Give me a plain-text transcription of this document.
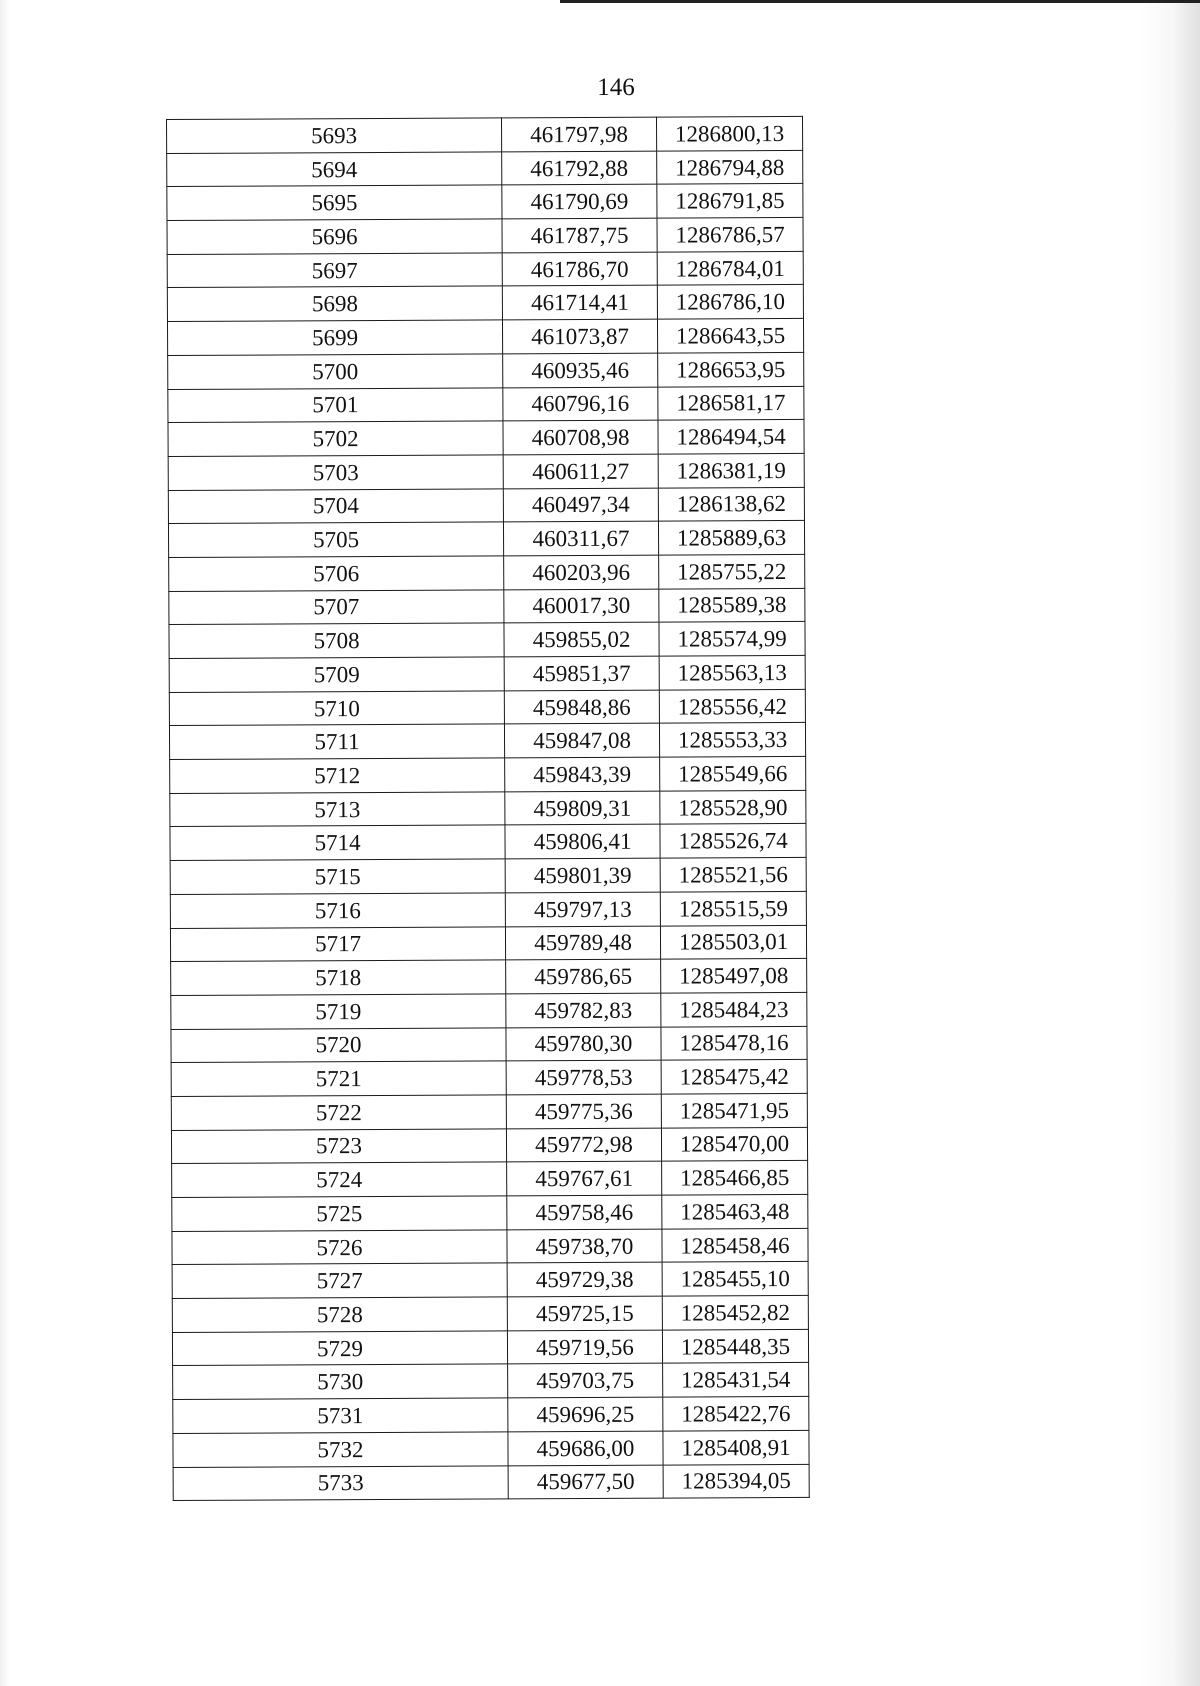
146
5693	461797,98	1286800,13
5694	461792,88	1286794,88
5695	461790,69	1286791,85
5696	461787,75	1286786,57
5697	461786,70	1286784,01
5698	461714,41	1286786,10
5699	461073,87	1286643,55
5700	460935,46	1286653,95
5701	460796,16	1286581,17
5702	460708,98	1286494,54
5703	460611,27	1286381,19
5704	460497,34	1286138,62
5705	460311,67	1285889,63
5706	460203,96	1285755,22
5707	460017,30	1285589,38
5708	459855,02	1285574,99
5709	459851,37	1285563,13
5710	459848,86	1285556,42
5711	459847,08	1285553,33
5712	459843,39	1285549,66
5713	459809,31	1285528,90
5714	459806,41	1285526,74
5715	459801,39	1285521,56
5716	459797,13	1285515,59
5717	459789,48	1285503,01
5718	459786,65	1285497,08
5719	459782,83	1285484,23
5720	459780,30	1285478,16
5721	459778,53	1285475,42
5722	459775,36	1285471,95
5723	459772,98	1285470,00
5724	459767,61	1285466,85
5725	459758,46	1285463,48
5726	459738,70	1285458,46
5727	459729,38	1285455,10
5728	459725,15	1285452,82
5729	459719,56	1285448,35
5730	459703,75	1285431,54
5731	459696,25	1285422,76
5732	459686,00	1285408,91
5733	459677,50	1285394,05
